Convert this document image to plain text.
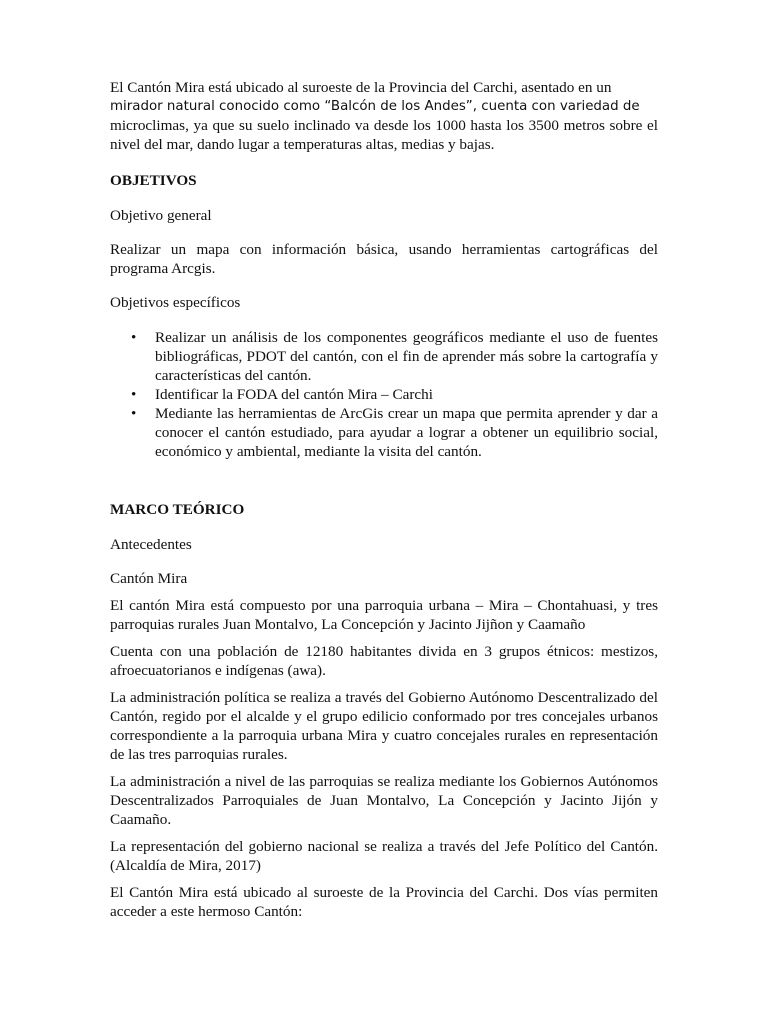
El Cantón Mira está ubicado al suroeste de la Provincia del Carchi, asentado en un
mirador natural conocido como “Balcón de los Andes”, cuenta con variedad de
microclimas, ya que su suelo inclinado va desde los 1000 hasta los 3500 metros sobre el nivel del mar, dando lugar a temperaturas altas, medias y bajas.

OBJETIVOS

Objetivo general

Realizar un mapa con información básica, usando herramientas cartográficas del programa Arcgis.

Objetivos específicos

• Realizar un análisis de los componentes geográficos mediante el uso de fuentes bibliográficas, PDOT del cantón, con el fin de aprender más sobre la cartografía y características del cantón.
• Identificar la FODA del cantón Mira – Carchi
• Mediante las herramientas de ArcGis crear un mapa que permita aprender y dar a conocer el cantón estudiado, para ayudar a lograr a obtener un equilibrio social, económico y ambiental, mediante la visita del cantón.

MARCO TEÓRICO

Antecedentes

Cantón Mira

El cantón Mira está compuesto por una parroquia urbana – Mira – Chontahuasi, y tres parroquias rurales Juan Montalvo, La Concepción y Jacinto Jijñon y Caamaño

Cuenta con una población de 12180 habitantes divida en 3 grupos étnicos: mestizos, afroecuatorianos e indígenas (awa).

La administración política se realiza a través del Gobierno Autónomo Descentralizado del Cantón, regido por el alcalde y el grupo edilicio conformado por tres concejales urbanos correspondiente a la parroquia urbana Mira y cuatro concejales rurales en representación de las tres parroquias rurales.

La administración a nivel de las parroquias se realiza mediante los Gobiernos Autónomos Descentralizados Parroquiales de Juan Montalvo, La Concepción y Jacinto Jijón y Caamaño.

La representación del gobierno nacional se realiza a través del Jefe Político del Cantón. (Alcaldía de Mira, 2017)

El Cantón Mira está ubicado al suroeste de la Provincia del Carchi. Dos vías permiten acceder a este hermoso Cantón:
